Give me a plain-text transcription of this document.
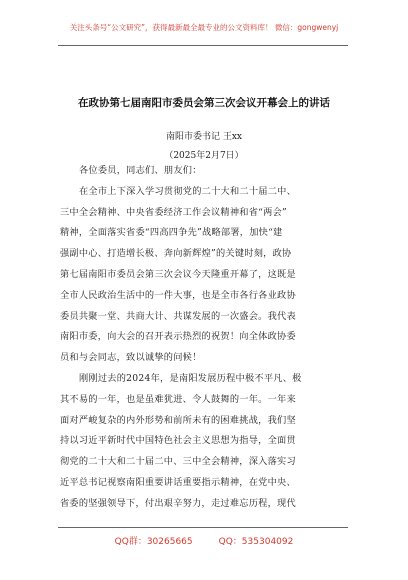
关注头条号“公文研究”，获得最新最全最专业的公文资料库！ 微信：gongwenyj
在政协第七届南阳市委员会第三次会议开幕会上的讲话
南阳市委书记 王xx
（2025年2月7日）
各位委员，同志们、朋友们：
在全市上下深入学习贯彻党的二十大和二十届二中、
三中全会精神、中央省委经济工作会议精神和省“两会”
精神，全面落实省委“四高四争先”战略部署，加快“建
强副中心、打造增长极、奔向新辉煌”的关键时刻，政协
第七届南阳市委员会第三次会议今天隆重开幕了，这既是
全市人民政治生活中的一件大事，也是全市各行各业政协
委员共聚一堂、共商大计、共谋发展的一次盛会。我代表
南阳市委，向大会的召开表示热烈的祝贺！向全体政协委
员和与会同志，致以诚挚的问候！
刚刚过去的2024年，是南阳发展历程中极不平凡、极
其不易的一年，也是虽难犹进、令人鼓舞的一年。一年来
面对严峻复杂的内外形势和前所未有的困难挑战，我们坚
持以习近平新时代中国特色社会主义思想为指导，全面贯
彻党的二十大和二十届二中、三中全会精神，深入落实习
近平总书记视察南阳重要讲话重要指示精神，在党中央、
省委的坚强领导下，付出艰辛努力，走过难忘历程，现代
QQ群：30265665	QQ：535304092
